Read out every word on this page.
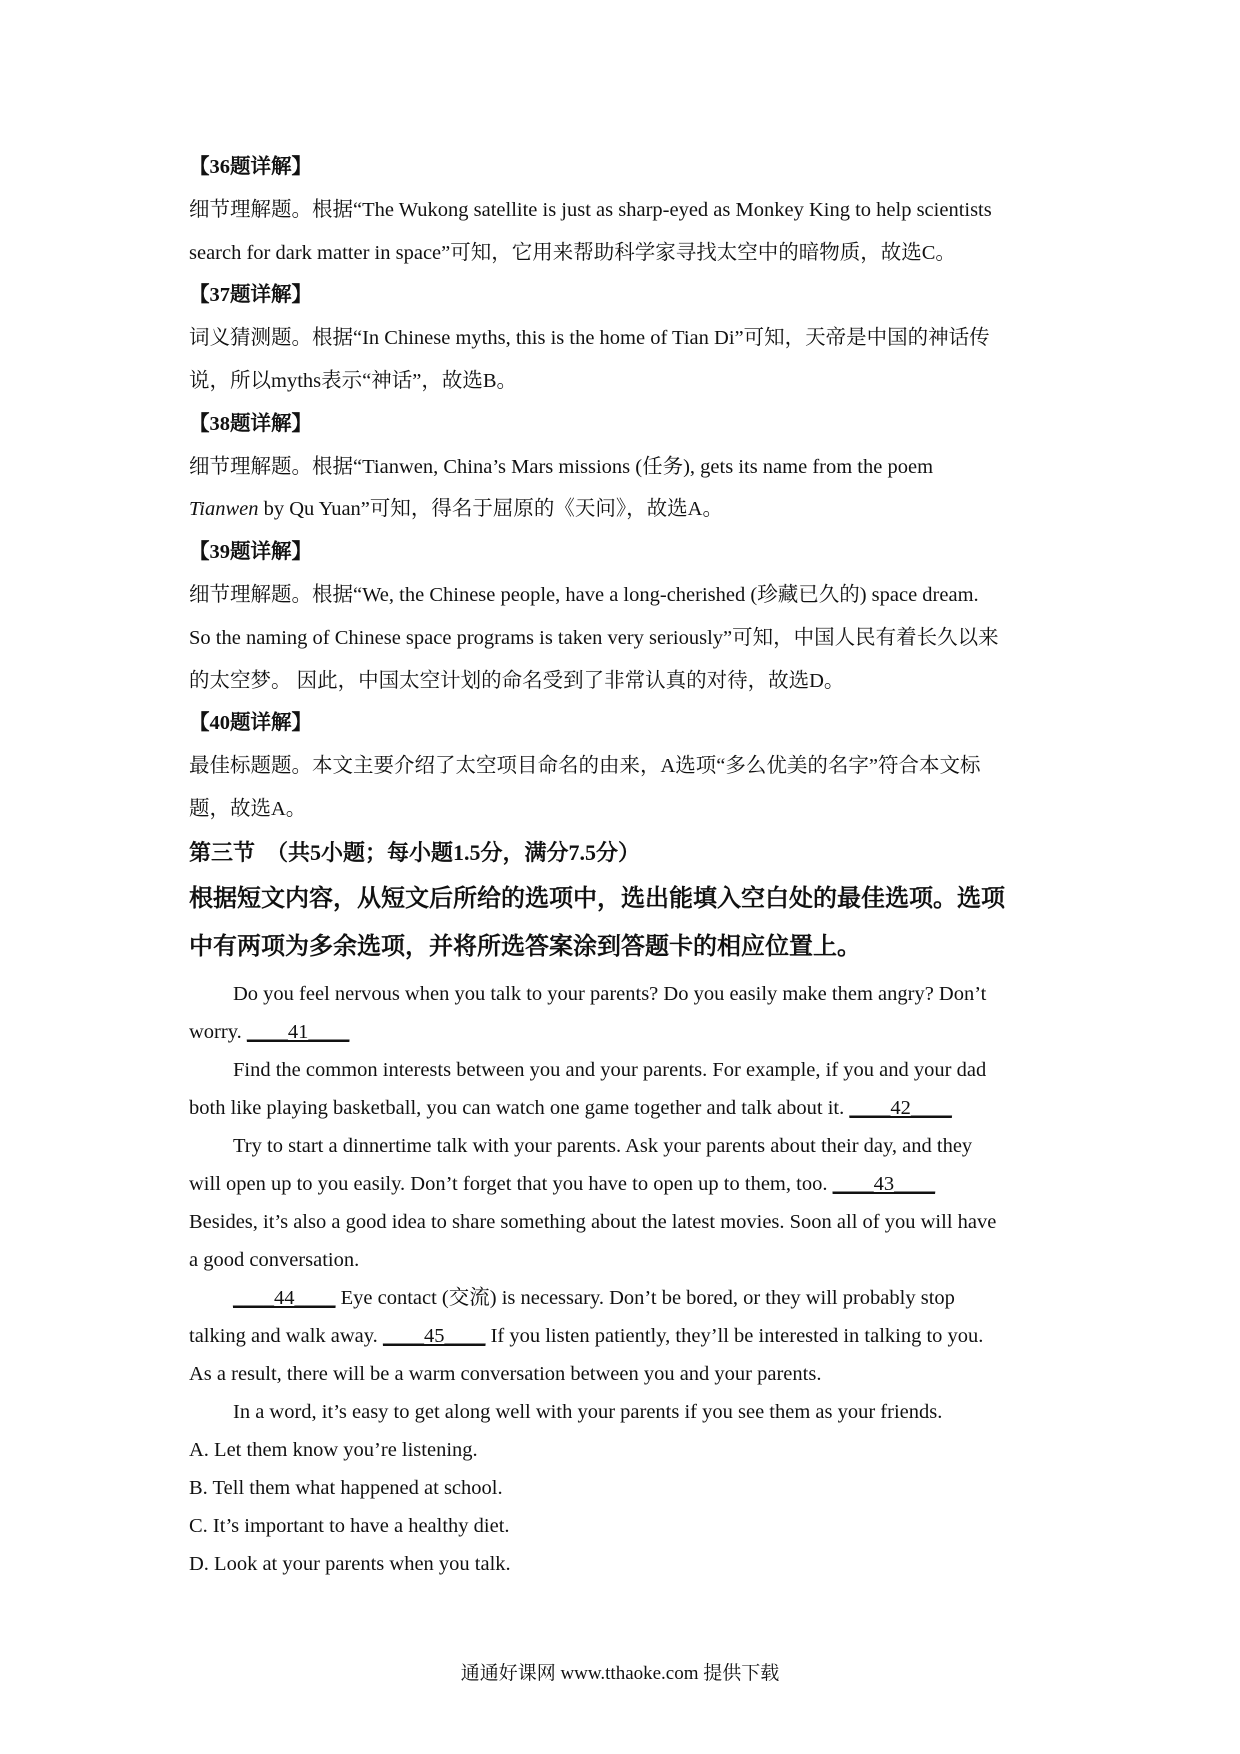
【36题详解】
细节理解题。根据“The Wukong satellite is just as sharp-eyed as Monkey King to help scientists
search for dark matter in space”可知，它用来帮助科学家寻找太空中的暗物质，故选C。
【37题详解】
词义猜测题。根据“In Chinese myths, this is the home of Tian Di”可知，天帝是中国的神话传
说，所以myths表示“神话”，故选B。
【38题详解】
细节理解题。根据“Tianwen, China’s Mars missions (任务), gets its name from the poem
Tianwen by Qu Yuan”可知，得名于屈原的《天问》，故选A。
【39题详解】
细节理解题。根据“We, the Chinese people, have a long-cherished (珍藏已久的) space dream.
So the naming of Chinese space programs is taken very seriously”可知，中国人民有着长久以来
的太空梦。 因此，中国太空计划的命名受到了非常认真的对待，故选D。
【40题详解】
最佳标题题。本文主要介绍了太空项目命名的由来，A选项“多么优美的名字”符合本文标
题，故选A。
第三节　（共5小题；每小题1.5分，满分7.5分）
根据短文内容，从短文后所给的选项中，选出能填入空白处的最佳选项。选项
中有两项为多余选项，并将所选答案涂到答题卡的相应位置上。
Do you feel nervous when you talk to your parents? Do you easily make them angry? Don’t
worry. ____41____
Find the common interests between you and your parents. For example, if you and your dad
both like playing basketball, you can watch one game together and talk about it. ____42____
Try to start a dinnertime talk with your parents. Ask your parents about their day, and they
will open up to you easily. Don’t forget that you have to open up to them, too. ____43____
Besides, it’s also a good idea to share something about the latest movies. Soon all of you will have
a good conversation.
____44____ Eye contact (交流) is necessary. Don’t be bored, or they will probably stop
talking and walk away. ____45____ If you listen patiently, they’ll be interested in talking to you.
As a result, there will be a warm conversation between you and your parents.
In a word, it’s easy to get along well with your parents if you see them as your friends.
A. Let them know you’re listening.
B. Tell them what happened at school.
C. It’s important to have a healthy diet.
D. Look at your parents when you talk.
通通好课网 www.tthaoke.com 提供下载
